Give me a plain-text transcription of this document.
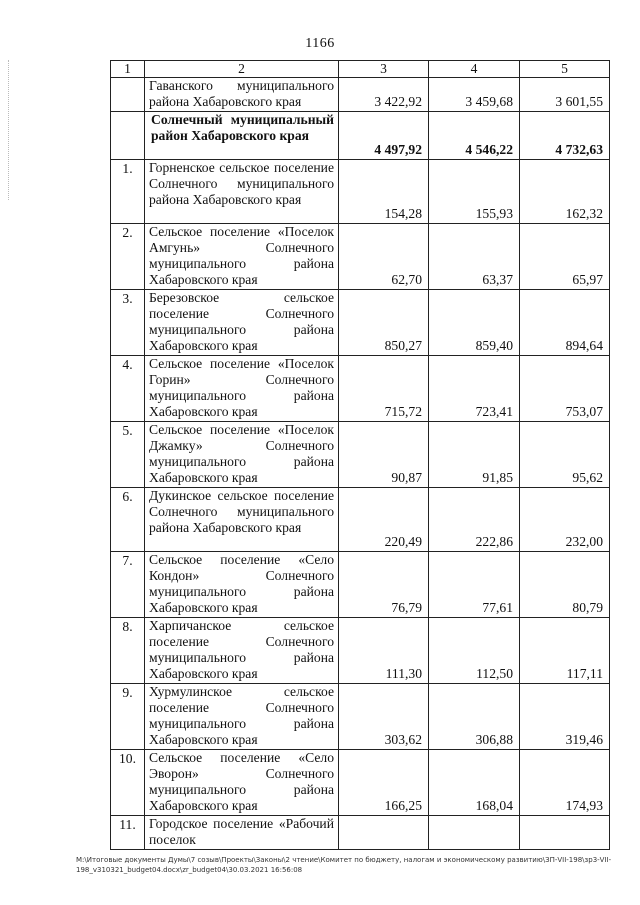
1166
1	2	3	4	5
	Гаванского муниципального района Хабаровского края	3 422,92	3 459,68	3 601,55
	Солнечный муниципальный район Хабаровского края	4 497,92	4 546,22	4 732,63
1.	Горненское сельское поселение Солнечного муниципального района Хабаровского края	154,28	155,93	162,32
2.	Сельское поселение «Поселок Амгунь» Солнечного муниципального района Хабаровского края	62,70	63,37	65,97
3.	Березовское сельское поселение Солнечного муниципального района Хабаровского края	850,27	859,40	894,64
4.	Сельское поселение «Поселок Горин» Солнечного муниципального района Хабаровского края	715,72	723,41	753,07
5.	Сельское поселение «Поселок Джамку» Солнечного муниципального района Хабаровского края	90,87	91,85	95,62
6.	Дукинское сельское поселение Солнечного муниципального района Хабаровского края	220,49	222,86	232,00
7.	Сельское поселение «Село Кондон» Солнечного муниципального района Хабаровского края	76,79	77,61	80,79
8.	Харпичанское сельское поселение Солнечного муниципального района Хабаровского края	111,30	112,50	117,11
9.	Хурмулинское сельское поселение Солнечного муниципального района Хабаровского края	303,62	306,88	319,46
10.	Сельское поселение «Село Эворон» Солнечного муниципального района Хабаровского края	166,25	168,04	174,93
11.	Городское поселение «Рабочий поселок			
М:\Итоговые документы Думы\7 созыв\Проекты\Законы\2 чтение\Комитет по бюджету, налогам и экономическому развитию\ЗП-VII-198\зр3-VII-198_v310321_budget04.docx\zr_budget04\30.03.2021 16:56:08
